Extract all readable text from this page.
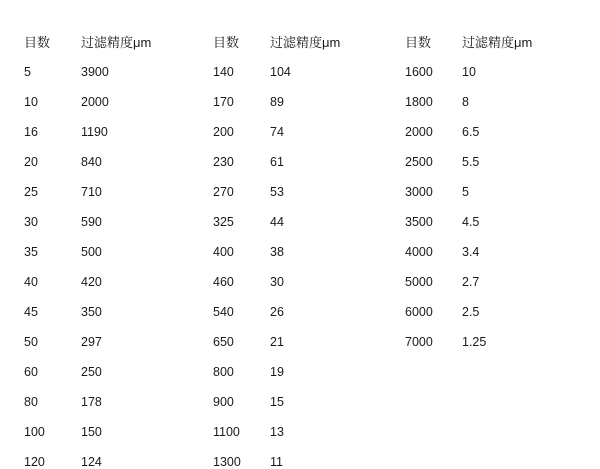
目数
5
10
16
20
25
30
35
40
45
50
60
80
100
120
过滤精度μm
3900
2000
1190
840
710
590
500
420
350
297
250
178
150
124
目数
140
170
200
230
270
325
400
460
540
650
800
900
1100
1300
过滤精度μm
104
89
74
61
53
44
38
30
26
21
19
15
13
11
目数
1600
1800
2000
2500
3000
3500
4000
5000
6000
7000
过滤精度μm
10
8
6.5
5.5
5
4.5
3.4
2.7
2.5
1.25
